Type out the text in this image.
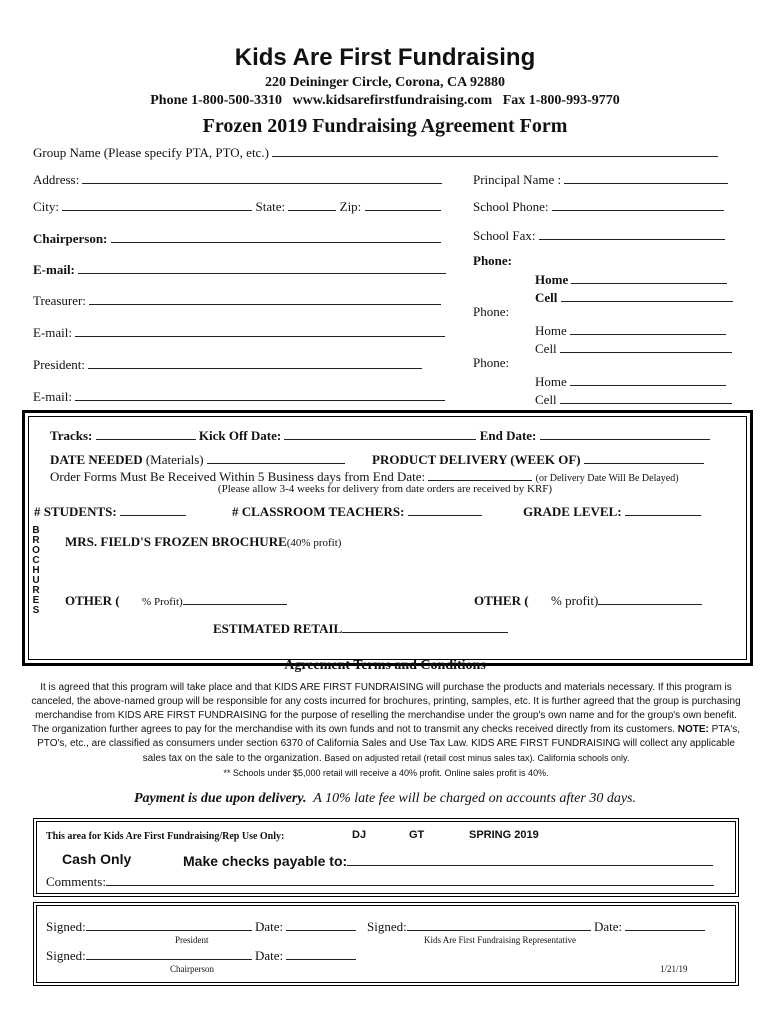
Kids Are First Fundraising
220 Deininger Circle, Corona, CA 92880
Phone 1-800-500-3310   www.kidsarefirstfundraising.com   Fax 1-800-993-9770
Frozen 2019 Fundraising Agreement Form
Group Name (Please specify PTA, PTO, etc.)
Address:
City:	State:	Zip:
Chairperson:
E-mail:
Treasurer:
E-mail:
President:
E-mail:
Principal Name :
School Phone:
School Fax:
Phone:
Home
Cell
Phone:
Home
Cell
Phone:
Home
Cell
Tracks:	Kick Off Date:	End Date:
DATE NEEDED (Materials)	PRODUCT DELIVERY (WEEK OF)
Order Forms Must Be Received Within 5 Business days from End Date:	(or Delivery Date Will Be Delayed)
(Please allow 3-4 weeks for delivery from date orders are received by KRF)
# STUDENTS:	# CLASSROOM TEACHERS:	GRADE LEVEL:
BROCHURES
MRS. FIELD'S FROZEN BROCHURE(40% profit)
OTHER ( % Profit)	OTHER ( % profit)
ESTIMATED RETAIL
Agreement Terms and Conditions
It is agreed that this program will take place and that KIDS ARE FIRST FUNDRAISING will purchase the products and materials necessary. If this program is canceled, the above-named group will be responsible for any costs incurred for brochures, printing, samples, etc. It is further agreed that the group is purchasing merchandise from KIDS ARE FIRST FUNDRAISING for the purpose of reselling the merchandise under the group's own name and for the group's own benefit. The organization further agrees to pay for the merchandise with its own funds and not to transmit any checks received directly from its customers. NOTE: PTA's, PTO's, etc., are classified as consumers under section 6370 of California Sales and Use Tax Law. KIDS ARE FIRST FUNDRAISING will collect any applicable sales tax on the sale to the organization. Based on adjusted retail (retail cost minus sales tax). California schools only.
** Schools under $5,000 retail will receive a 40% profit. Online sales profit is 40%.
Payment is due upon delivery.  A 10% late fee will be charged on accounts after 30 days.
This area for Kids Are First Fundraising/Rep Use Only:	DJ	GT	SPRING 2019
Cash Only	Make checks payable to:
Comments:
Signed:	Date:	Signed:	Date:
President	Kids Are First Fundraising Representative
Signed:	Date:
Chairperson	1/21/19
